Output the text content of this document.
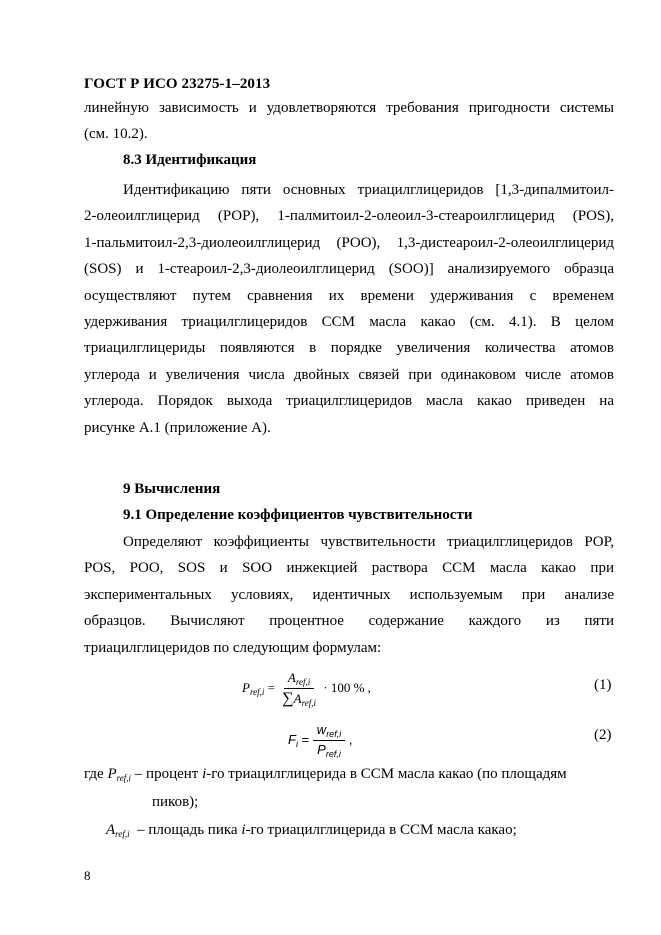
ГОСТ Р ИСО 23275-1–2013
линейную зависимость и удовлетворяются требования пригодности системы
(см. 10.2).
8.3 Идентификация
Идентификацию пяти основных триацилглицеридов [1,3-дипалмитоил-
2-олеоилглицерид (POP), 1-палмитоил-2-олеоил-3-стеароилглицерид (POS),
1-пальмитоил-2,3-диолеоилглицерид (POO), 1,3-дистеароил-2-олеоилглицерид
(SOS) и 1-стеароил-2,3-диолеоилглицерид (SOO)] анализируемого образца
осуществляют путем сравнения их времени удерживания с временем
удерживания триацилглицеридов ССМ масла какао (см. 4.1). В целом
триацилглицериды появляются в порядке увеличения количества атомов
углерода и увеличения числа двойных связей при одинаковом числе атомов
углерода. Порядок выхода триацилглицеридов масла какао приведен на
рисунке А.1 (приложение А).
9 Вычисления
9.1 Определение коэффициентов чувствительности
Определяют коэффициенты чувствительности триацилглицеридов POP,
POS, POO, SOS и SOO инжекцией раствора ССМ масла какао при
экспериментальных условиях, идентичных используемым при анализе
образцов. Вычисляют процентное содержание каждого из пяти
триацилглицеридов по следующим формулам:
$P_{ref,i} = \frac{A_{ref,i}}{\sum A_{ref,i}} \cdot 100$ % ,	(1)
$F_i = \frac{w_{ref,i}}{P_{ref,i}}$ ,	(2)
где $P_{ref,i}$ – процент i-го триацилглицерида в ССМ масла какао (по площадям
пиков);
$A_{ref,i}$  – площадь пика i-го триацилглицерида в ССМ масла какао;
8
